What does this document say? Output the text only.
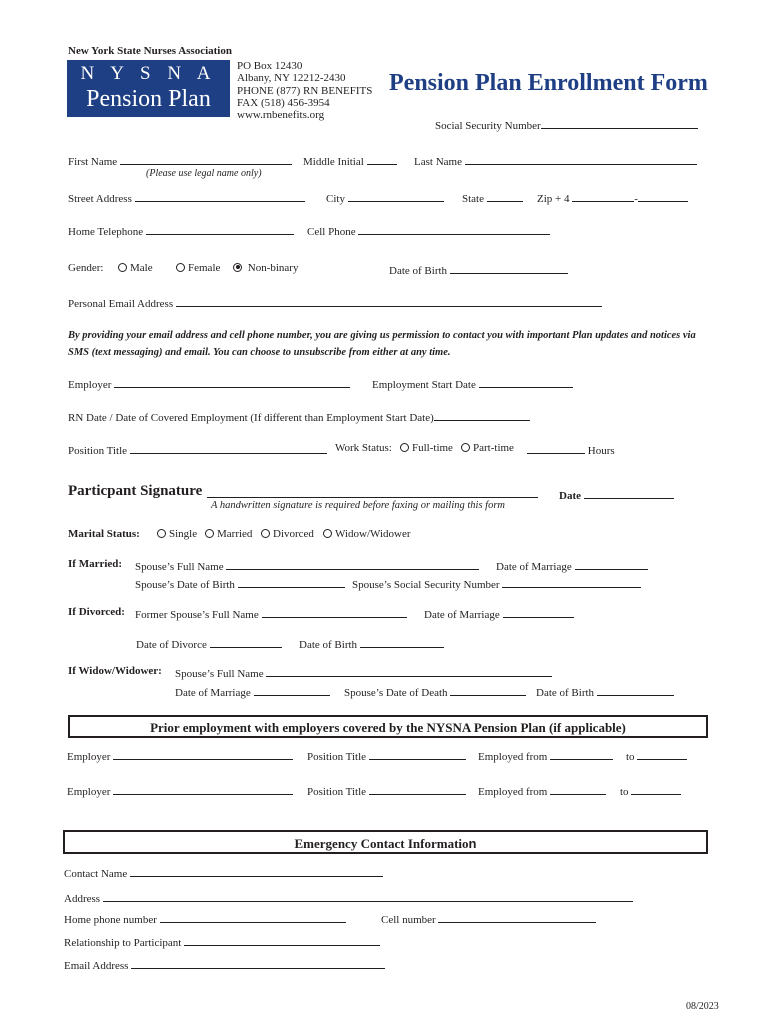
New York State Nurses Association
N Y S N A
Pension Plan
PO Box 12430
Albany, NY 12212-2430
PHONE (877) RN BENEFITS
FAX (518) 456-3954
www.rnbenefits.org
Pension Plan Enrollment Form
Social Security Number
First Name
(Please use legal name only)
Middle Initial	Last Name
Street Address	City	State	Zip + 4	-
Home Telephone	Cell Phone
Gender:	Male	Female	Non-binary	Date of Birth
Personal Email Address
By providing your email address and cell phone number, you are giving us permission to contact you with important Plan updates and notices via SMS (text messaging) and email. You can choose to unsubscribe from either at any time.
Employer	Employment Start Date
RN Date / Date of Covered Employment (If different than Employment Start Date)
Position Title	Work Status:	Full-time	Part-time	Hours
Particpant Signature
A handwritten signature is required before faxing or mailing this form
Date
Marital Status:	Single	Married	Divorced	Widow/Widower
If Married: Spouse’s Full Name	Date of Marriage
Spouse’s Date of Birth	Spouse’s Social Security Number
If Divorced: Former Spouse’s Full Name	Date of Marriage
Date of Divorce	Date of Birth
If Widow/Widower: Spouse’s Full Name
Date of Marriage	Spouse’s Date of Death	Date of Birth
Prior employment with employers covered by the NYSNA Pension Plan (if applicable)
Employer	Position Title	Employed from	to
Employer	Position Title	Employed from	to
Emergency Contact Information
Contact Name
Address
Home phone number	Cell number
Relationship to Participant
Email Address
08/2023
